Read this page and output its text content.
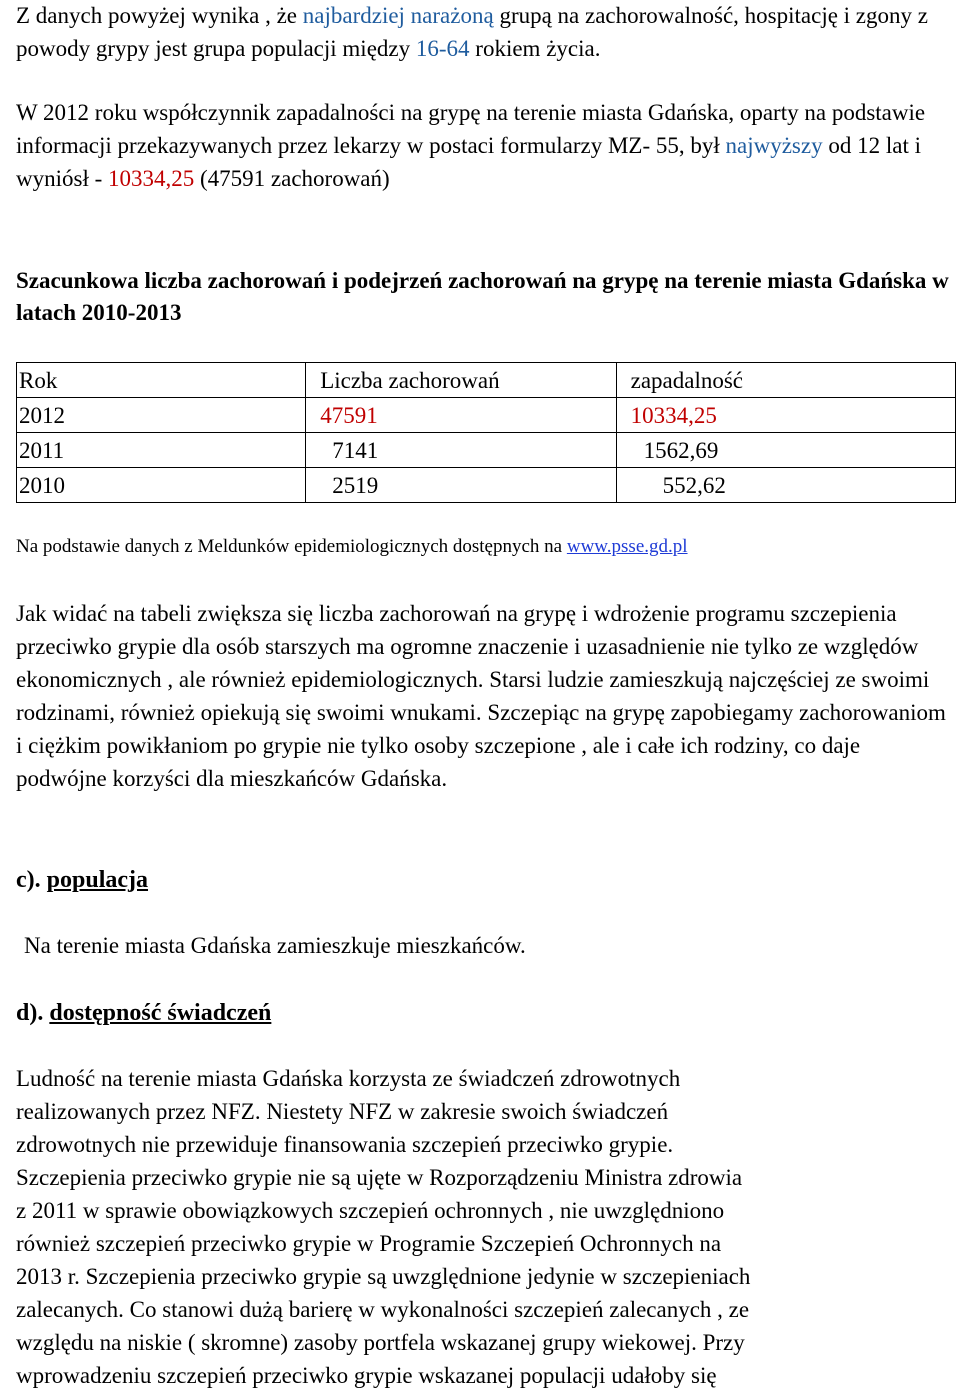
Z danych powyżej wynika , że najbardziej narażoną grupą na zachorowalność, hospitację i zgony z powody grypy jest grupa populacji między 16-64 rokiem życia.

W 2012 roku współczynnik zapadalności na grypę na terenie miasta Gdańska, oparty na podstawie informacji przekazywanych przez lekarzy w postaci formularzy MZ- 55, był najwyższy od 12 lat i wyniósł - 10334,25 (47591 zachorowań)

Szacunkowa liczba zachorowań i podejrzeń zachorowań na grypę na terenie miasta Gdańska w latach 2010-2013
Rok	Liczba zachorowań	zapadalność
2012	47591	10334,25
2011	7141	1562,69
2010	2519	552,62
Na podstawie danych z Meldunków epidemiologicznych dostępnych na www.psse.gd.pl

Jak widać na tabeli zwiększa się liczba zachorowań na grypę i wdrożenie programu szczepienia przeciwko grypie dla osób starszych ma ogromne znaczenie i uzasadnienie nie tylko ze względów ekonomicznych , ale również epidemiologicznych. Starsi ludzie zamieszkują najczęściej ze swoimi rodzinami, również opiekują się swoimi wnukami. Szczepiąc na grypę zapobiegamy zachorowaniom i ciężkim powikłaniom po grypie nie tylko osoby szczepione , ale i całe ich rodziny, co daje podwójne korzyści dla mieszkańców Gdańska.

c). populacja

Na terenie miasta Gdańska zamieszkuje mieszkańców.

d). dostępność świadczeń

Ludność na terenie miasta Gdańska korzysta ze świadczeń zdrowotnych
realizowanych przez NFZ. Niestety NFZ w zakresie swoich świadczeń
zdrowotnych nie przewiduje finansowania szczepień przeciwko grypie.
Szczepienia przeciwko grypie nie są ujęte w Rozporządzeniu Ministra zdrowia
z 2011 w sprawie obowiązkowych szczepień ochronnych , nie uwzględniono
również szczepień przeciwko grypie w Programie Szczepień Ochronnych na
2013 r. Szczepienia przeciwko grypie są uwzględnione jedynie w szczepieniach
zalecanych. Co stanowi dużą barierę w wykonalności szczepień zalecanych , ze
względu na niskie ( skromne) zasoby portfela wskazanej grupy wiekowej. Przy
wprowadzeniu szczepień przeciwko grypie wskazanej populacji udałoby się
